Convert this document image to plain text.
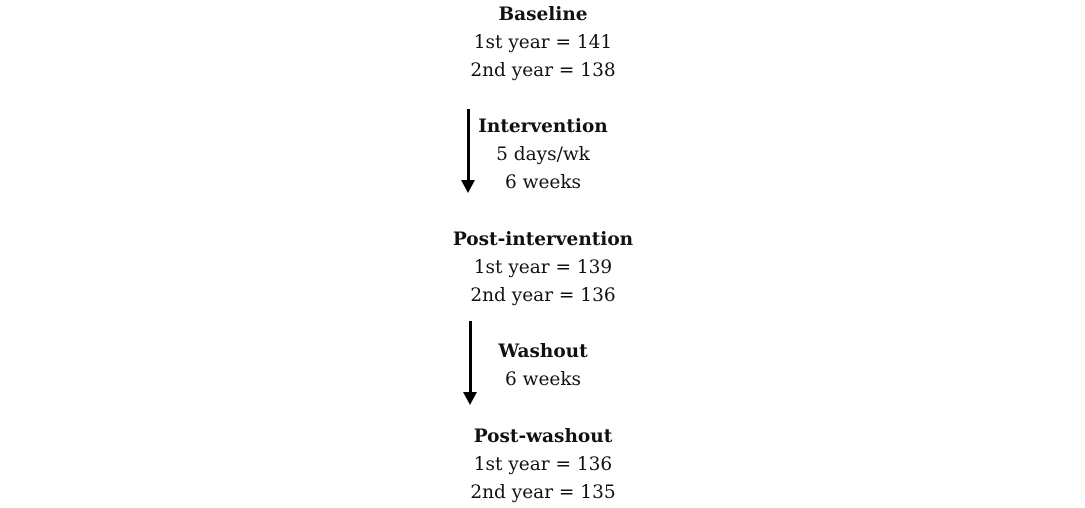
Baseline
1st year = 141
2nd year = 138
Intervention
5 days/wk
6 weeks
Post-intervention
1st year = 139
2nd year = 136
Washout
6 weeks
Post-washout
1st year = 136
2nd year = 135
